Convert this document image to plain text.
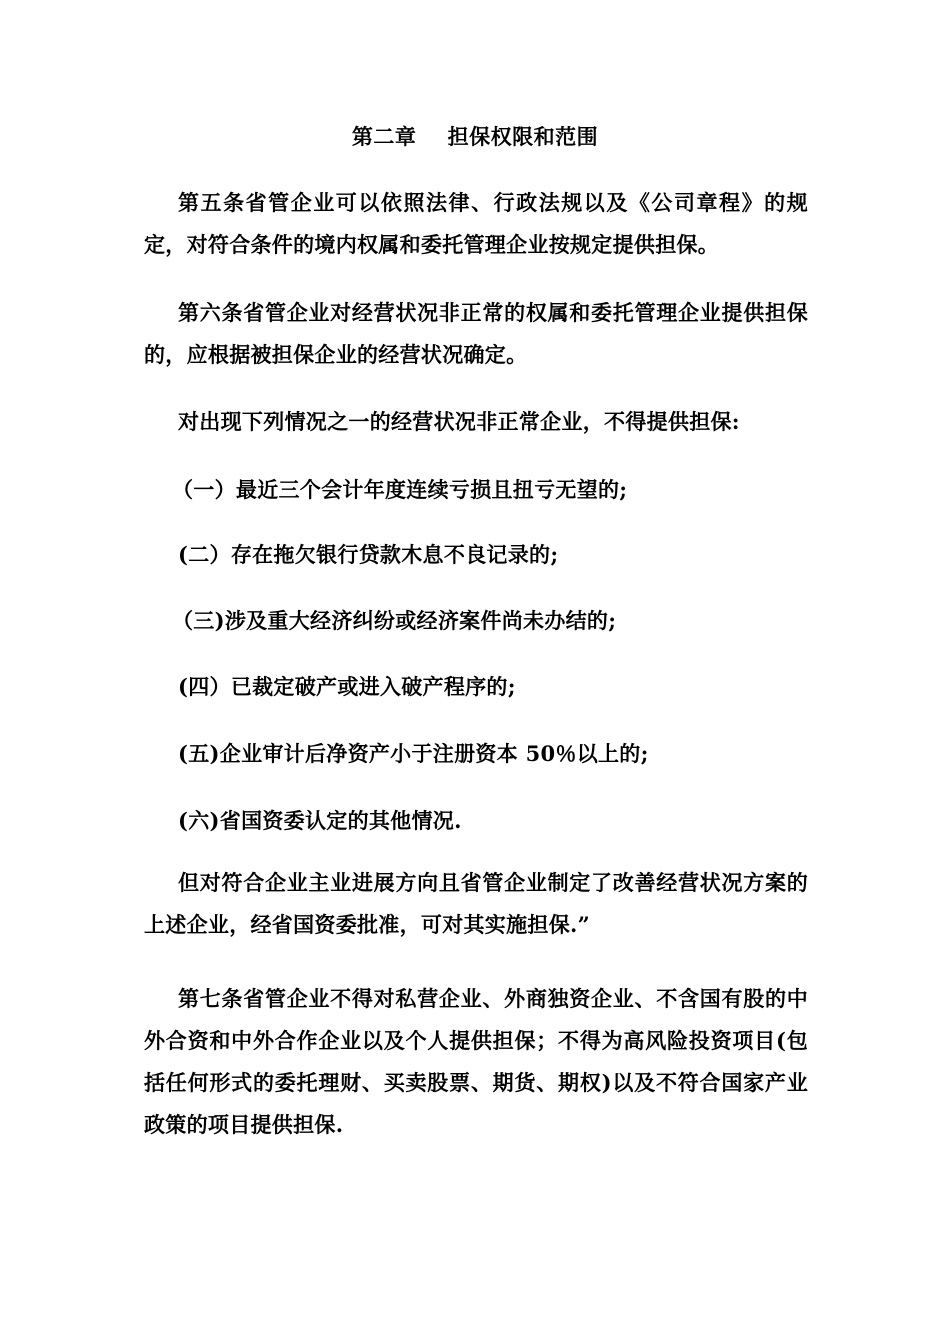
第二章    担保权限和范围
第五条省管企业可以依照法律、行政法规以及《公司章程》的规定，对符合条件的境内权属和委托管理企业按规定提供担保。
第六条省管企业对经营状况非正常的权属和委托管理企业提供担保的，应根据被担保企业的经营状况确定。
对出现下列情况之一的经营状况非正常企业，不得提供担保:
（一）最近三个会计年度连续亏损且扭亏无望的;
(二）存在拖欠银行贷款木息不良记录的;
（三)涉及重大经济纠纷或经济案件尚未办结的;
(四）已裁定破产或进入破产程序的;
(五)企业审计后净资产小于注册资本 50％以上的;
(六)省国资委认定的其他情况.
但对符合企业主业进展方向且省管企业制定了改善经营状况方案的上述企业，经省国资委批准，可对其实施担保.”
第七条省管企业不得对私营企业、外商独资企业、不含国有股的中外合资和中外合作企业以及个人提供担保；不得为高风险投资项目(包括任何形式的委托理财、买卖股票、期货、期权)以及不符合国家产业政策的项目提供担保.
